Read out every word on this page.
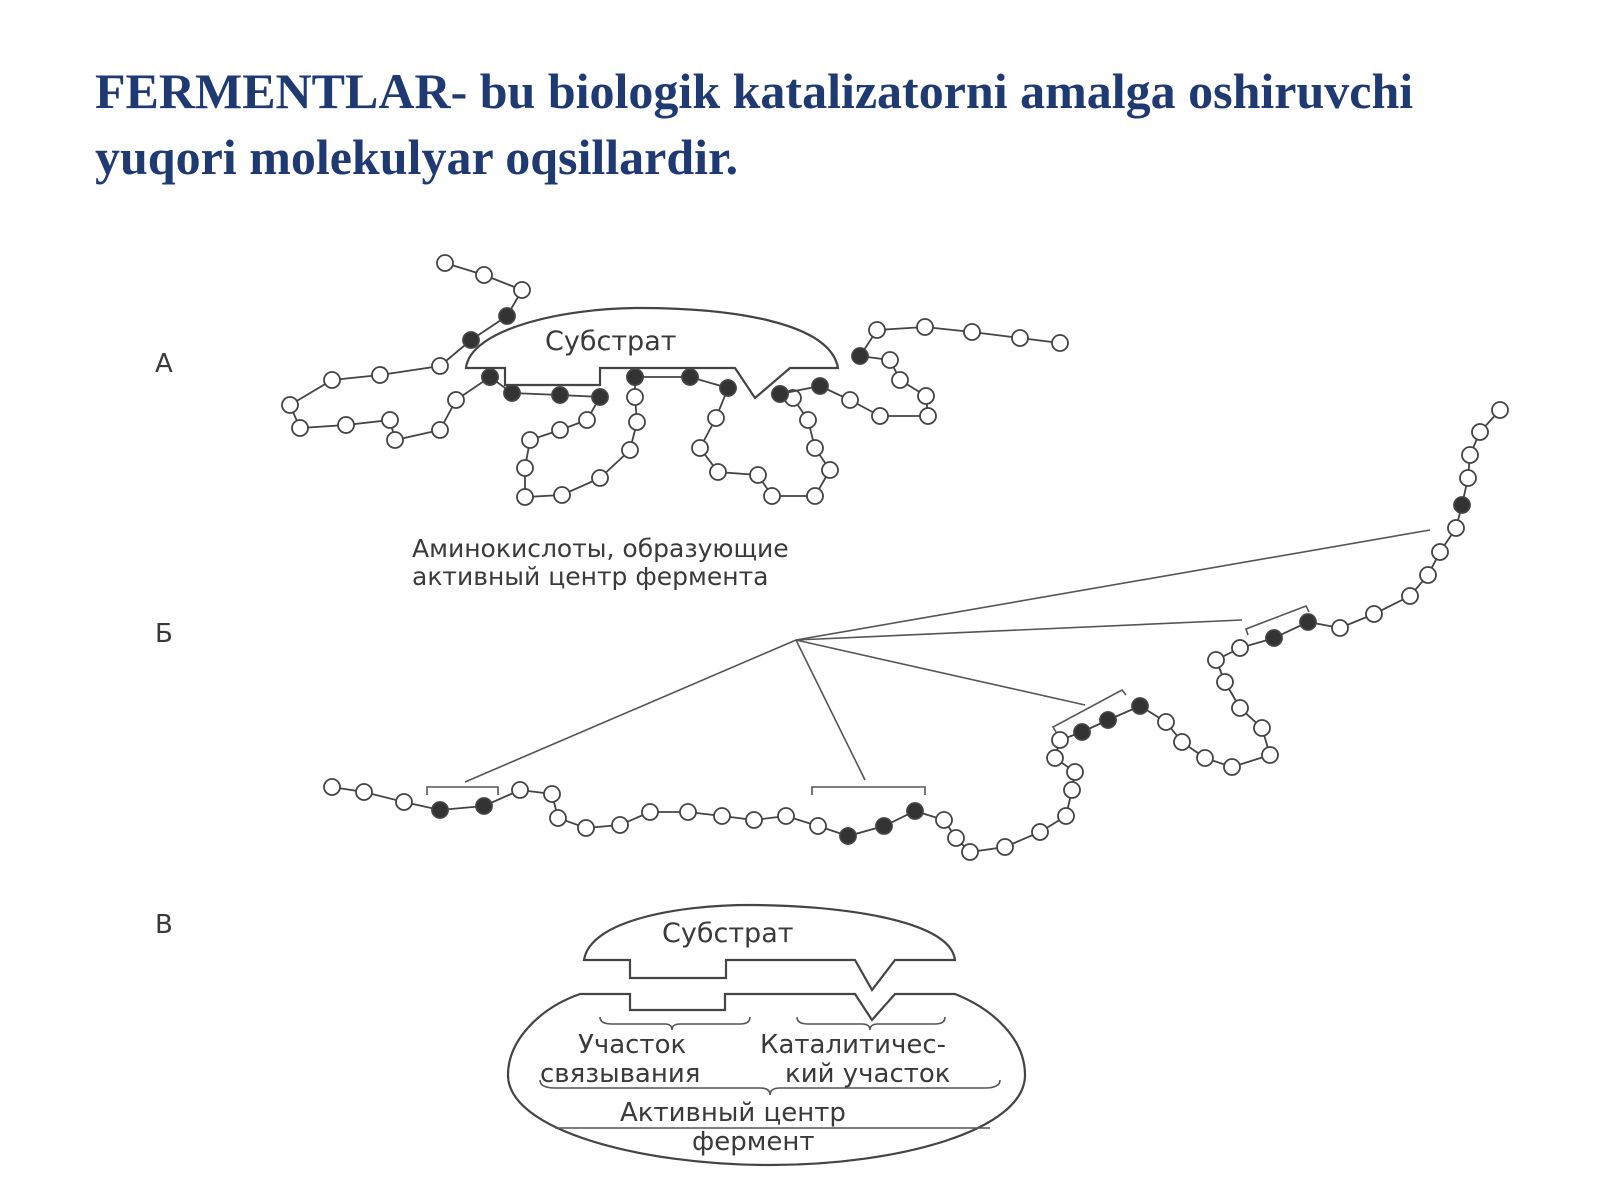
FERMENTLAR- bu biologik katalizatorni amalga oshiruvchi
yuqori molekulyar oqsillardir.
А
Б
В
Субстрат
Аминокислоты, образующие
активный центр фермента
Субстрат
Участок
связывания
Каталитичес-
кий участок
Активный центр
фермент
